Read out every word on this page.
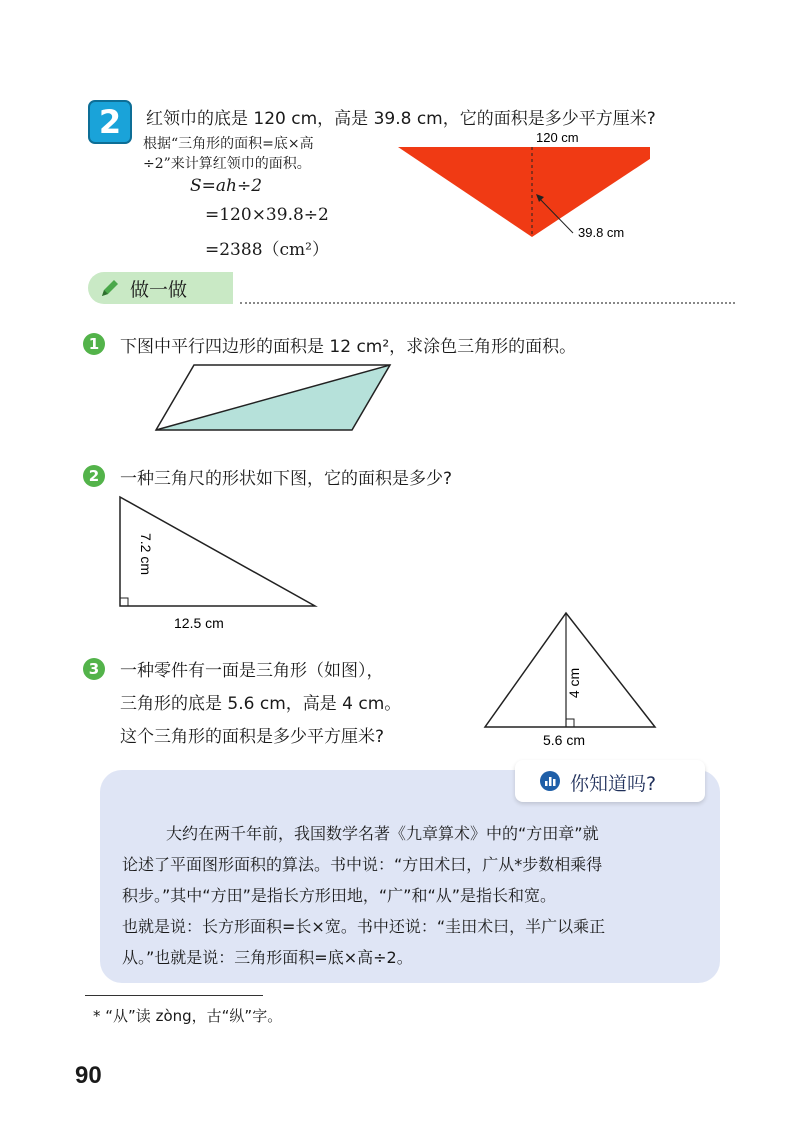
2	红领巾的底是 120 cm，高是 39.8 cm，它的面积是多少平方厘米?
根据“三角形的面积=底×高
÷2”来计算红领巾的面积。
S=ah÷2
=120×39.8÷2
=2388（cm²）
120 cm
39.8 cm
做一做
1	下图中平行四边形的面积是 12 cm²，求涂色三角形的面积。
2	一种三角尺的形状如下图，它的面积是多少?
7.2 cm
12.5 cm
3	一种零件有一面是三角形（如图），
三角形的底是 5.6 cm，高是 4 cm。
这个三角形的面积是多少平方厘米?
4 cm
5.6 cm
你知道吗?
大约在两千年前，我国数学名著《九章算术》中的“方田章”就
论述了平面图形面积的算法。书中说：“方田术曰，广从*步数相乘得
积步。”其中“方田”是指长方形田地，“广”和“从”是指长和宽。
也就是说：长方形面积=长×宽。书中还说：“圭田术曰，半广以乘正
从。”也就是说：三角形面积=底×高÷2。
* “从”读 zòng，古“纵”字。
90
